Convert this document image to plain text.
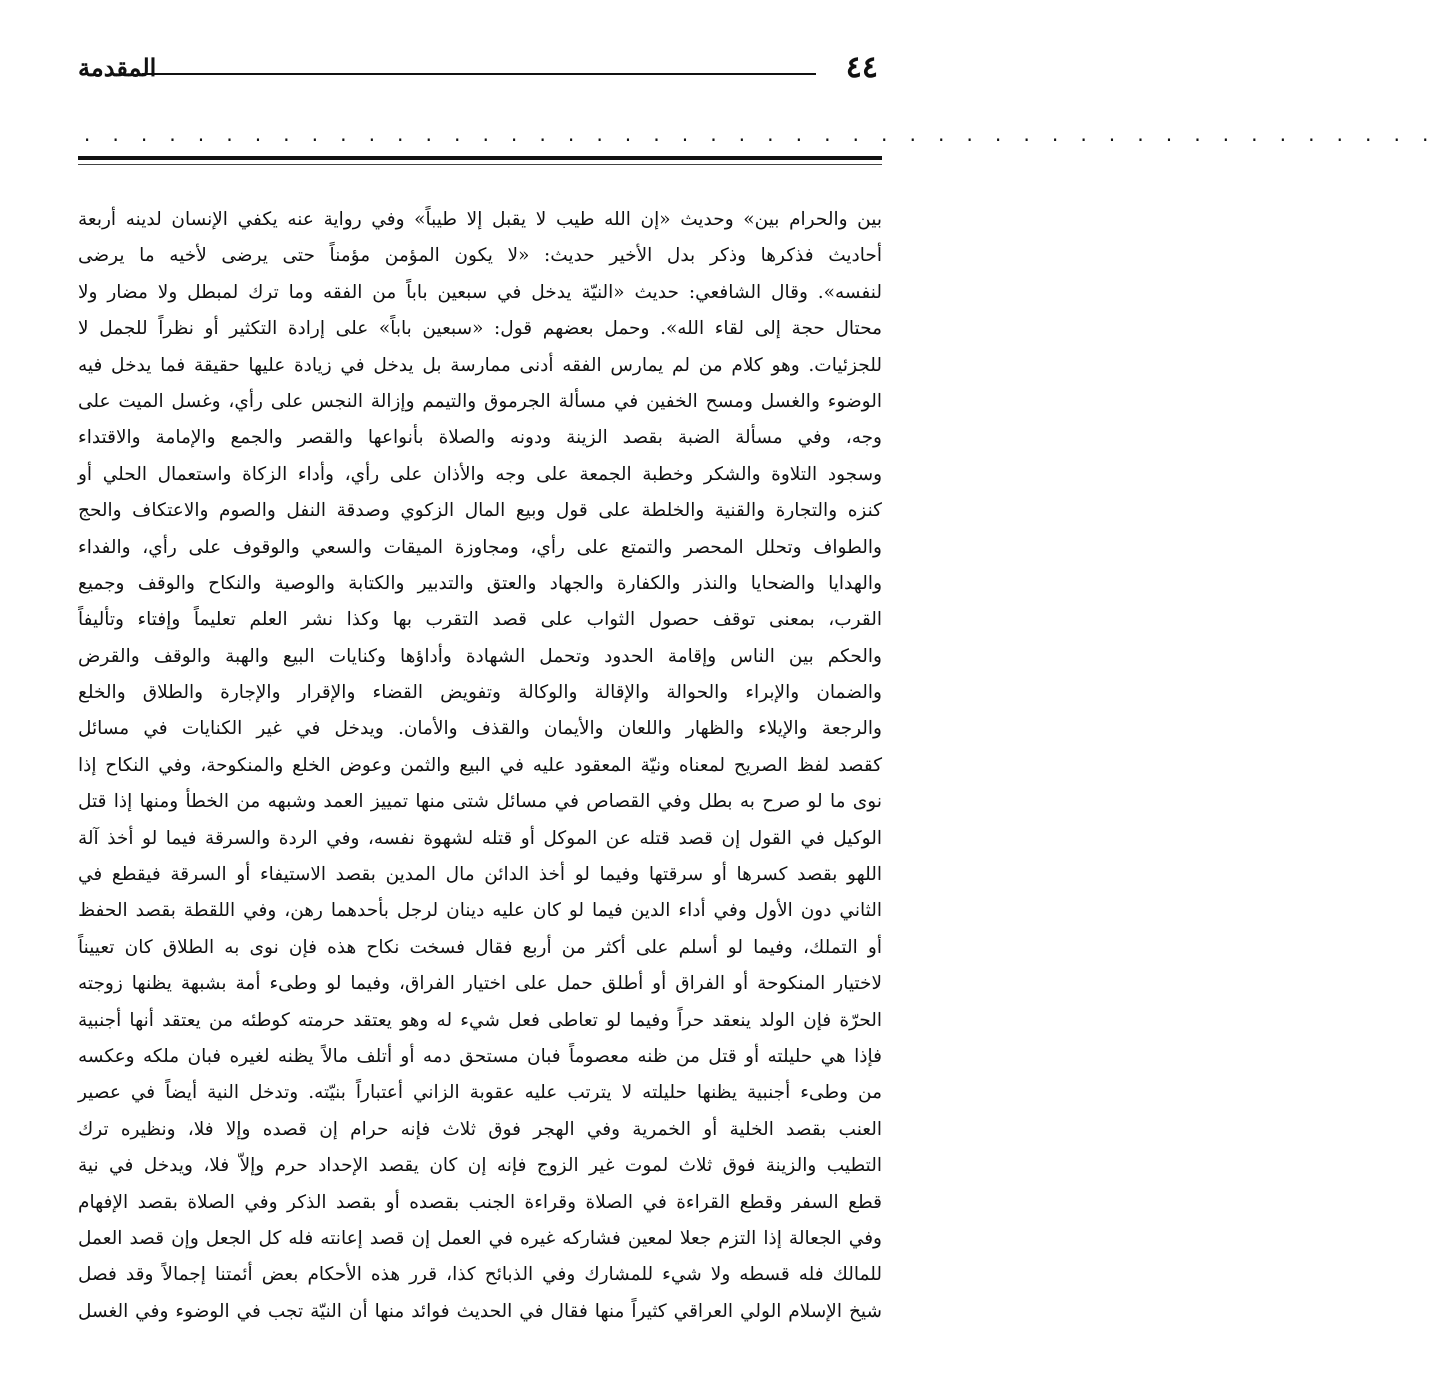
٤٤
المقدمة
. . . . . . . . . . . . . . . . . . . . . . . . . . . . . . . . . . . . . . . . . . . . . . . .
بين والحرام بين» وحديث «إن الله طيب لا يقبل إلا طيباً» وفي رواية عنه يكفي الإنسان لدينه أربعة
أحاديث فذكرها وذكر بدل الأخير حديث: «لا يكون المؤمن مؤمناً حتى يرضى لأخيه ما يرضى
لنفسه». وقال الشافعي: حديث «النيّة يدخل في سبعين باباً من الفقه وما ترك لمبطل ولا مضار ولا
محتال حجة إلى لقاء الله». وحمل بعضهم قول: «سبعين باباً» على إرادة التكثير أو نظراً للجمل لا
للجزئيات. وهو كلام من لم يمارس الفقه أدنى ممارسة بل يدخل في زيادة عليها حقيقة فما يدخل فيه
الوضوء والغسل ومسح الخفين في مسألة الجرموق والتيمم وإزالة النجس على رأي، وغسل الميت على
وجه، وفي مسألة الضبة بقصد الزينة ودونه والصلاة بأنواعها والقصر والجمع والإمامة والاقتداء
وسجود التلاوة والشكر وخطبة الجمعة على وجه والأذان على رأي، وأداء الزكاة واستعمال الحلي أو
كنزه والتجارة والقنية والخلطة على قول وبيع المال الزكوي وصدقة النفل والصوم والاعتكاف والحج
والطواف وتحلل المحصر والتمتع على رأي، ومجاوزة الميقات والسعي والوقوف على رأي، والفداء
والهدايا والضحايا والنذر والكفارة والجهاد والعتق والتدبير والكتابة والوصية والنكاح والوقف وجميع
القرب، بمعنى توقف حصول الثواب على قصد التقرب بها وكذا نشر العلم تعليماً وإفتاء وتأليفاً
والحكم بين الناس وإقامة الحدود وتحمل الشهادة وأداؤها وكنايات البيع والهبة والوقف والقرض
والضمان والإبراء والحوالة والإقالة والوكالة وتفويض القضاء والإقرار والإجارة والطلاق والخلع
والرجعة والإيلاء والظهار واللعان والأيمان والقذف والأمان. ويدخل في غير الكنايات في مسائل
كقصد لفظ الصريح لمعناه ونيّة المعقود عليه في البيع والثمن وعوض الخلع والمنكوحة، وفي النكاح إذا
نوى ما لو صرح به بطل وفي القصاص في مسائل شتى منها تمييز العمد وشبهه من الخطأ ومنها إذا قتل
الوكيل في القول إن قصد قتله عن الموكل أو قتله لشهوة نفسه، وفي الردة والسرقة فيما لو أخذ آلة
اللهو بقصد كسرها أو سرقتها وفيما لو أخذ الدائن مال المدين بقصد الاستيفاء أو السرقة فيقطع في
الثاني دون الأول وفي أداء الدين فيما لو كان عليه دينان لرجل بأحدهما رهن، وفي اللقطة بقصد الحفظ
أو التملك، وفيما لو أسلم على أكثر من أربع فقال فسخت نكاح هذه فإن نوى به الطلاق كان تعييناً
لاختيار المنكوحة أو الفراق أو أطلق حمل على اختيار الفراق، وفيما لو وطىء أمة بشبهة يظنها زوجته
الحرّة فإن الولد ينعقد حراً وفيما لو تعاطى فعل شيء له وهو يعتقد حرمته كوطئه من يعتقد أنها أجنبية
فإذا هي حليلته أو قتل من ظنه معصوماً فبان مستحق دمه أو أتلف مالاً يظنه لغيره فبان ملكه وعكسه
من وطىء أجنبية يظنها حليلته لا يترتب عليه عقوبة الزاني أعتباراً بنيّته. وتدخل النية أيضاً في عصير
العنب بقصد الخلية أو الخمرية وفي الهجر فوق ثلاث فإنه حرام إن قصده وإلا فلا، ونظيره ترك
التطيب والزينة فوق ثلاث لموت غير الزوج فإنه إن كان يقصد الإحداد حرم وإلاّ فلا، ويدخل في نية
قطع السفر وقطع القراءة في الصلاة وقراءة الجنب بقصده أو بقصد الذكر وفي الصلاة بقصد الإفهام
وفي الجعالة إذا التزم جعلا لمعين فشاركه غيره في العمل إن قصد إعانته فله كل الجعل وإن قصد العمل
للمالك فله قسطه ولا شيء للمشارك وفي الذبائح كذا، قرر هذه الأحكام بعض أئمتنا إجمالاً وقد فصل
شيخ الإسلام الولي العراقي كثيراً منها فقال في الحديث فوائد منها أن النيّة تجب في الوضوء وفي الغسل
